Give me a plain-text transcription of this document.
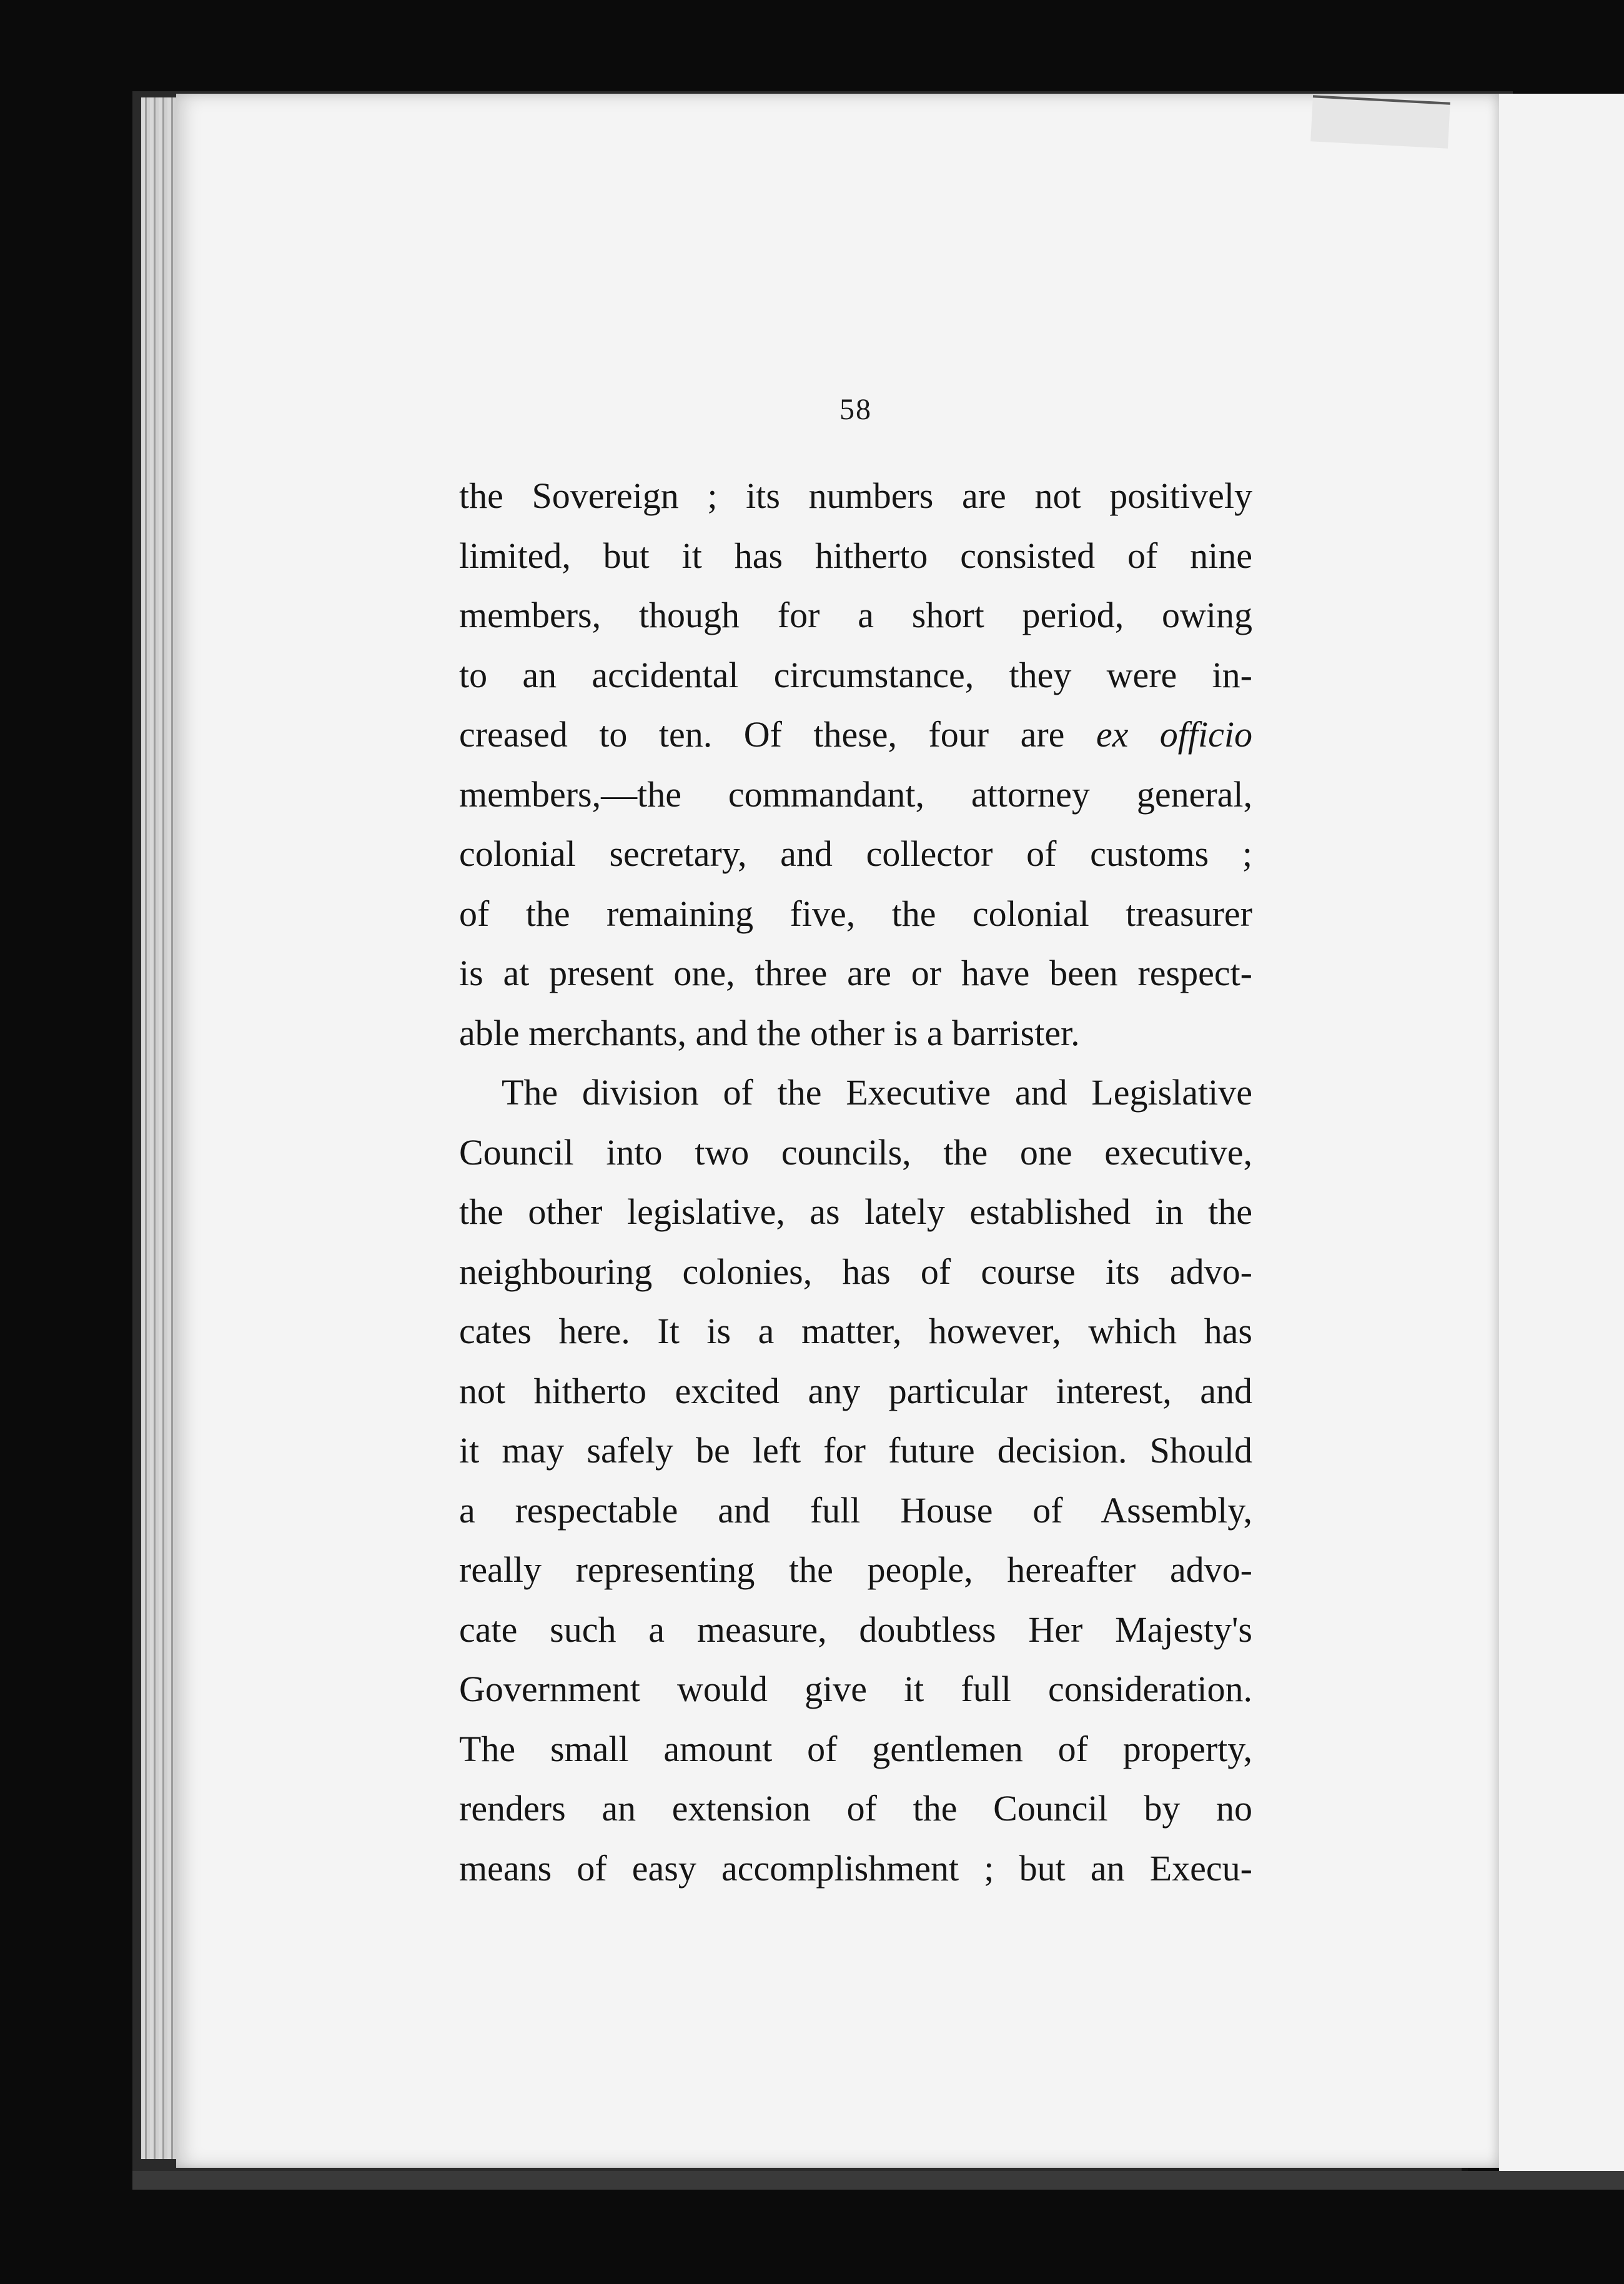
58
the Sovereign ; its numbers are not positively
limited, but it has hitherto consisted of nine
members, though for a short period, owing
to an accidental circumstance, they were in-
creased to ten. Of these, four are ex officio
members,—the commandant, attorney general,
colonial secretary, and collector of customs ;
of the remaining five, the colonial treasurer
is at present one, three are or have been respect-
able merchants, and the other is a barrister.
The division of the Executive and Legislative
Council into two councils, the one executive,
the other legislative, as lately established in the
neighbouring colonies, has of course its advo-
cates here. It is a matter, however, which has
not hitherto excited any particular interest, and
it may safely be left for future decision. Should
a respectable and full House of Assembly,
really representing the people, hereafter advo-
cate such a measure, doubtless Her Majesty's
Government would give it full consideration.
The small amount of gentlemen of property,
renders an extension of the Council by no
means of easy accomplishment ; but an Execu-
